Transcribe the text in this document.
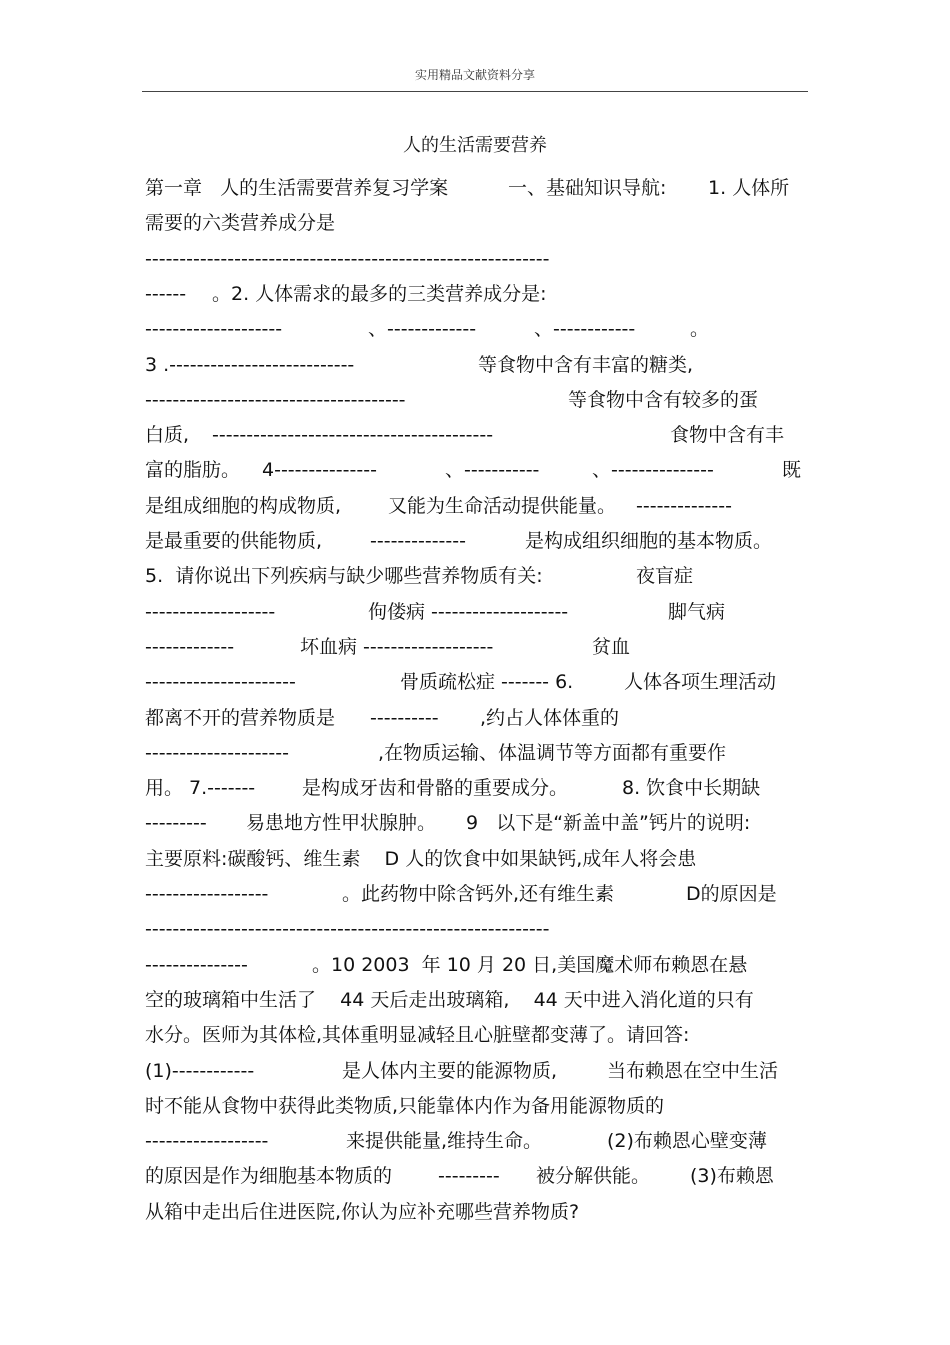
实用精品文献资料分享
人的生活需要营养
第一章   人的生活需要营养复习学案	一、基础知识导航: 1. 人体所
需要的六类营养成分是
-----------------------------------------------------------
------ 。2. 人体需求的最多的三类营养成分是:
--------------------	、-------------	、------------	。
3 .---------------------------	等食物中含有丰富的糖类,
--------------------------------------	等食物中含有较多的蛋
白质, -----------------------------------------	食物中含有丰
富的脂肪。 4---------------	、-----------	、---------------	既
是组成细胞的构成物质, 又能为生命活动提供能量。 --------------
是最重要的供能物质,	--------------	是构成组织细胞的基本物质。
5.  请你说出下列疾病与缺少哪些营养物质有关:	夜盲症
-------------------	佝偻病 --------------------	脚气病
-------------	坏血病 -------------------	贫血
----------------------	骨质疏松症 ------- 6.	人体各项生理活动
都离不开的营养物质是 ---------- ,约占人体体重的
---------------------	,在物质运输、体温调节等方面都有重要作
用。 7.------- 是构成牙齿和骨骼的重要成分。	8. 饮食中长期缺
--------- 易患地方性甲状腺肿。 9   以下是“新盖中盖”钙片的说明:
主要原料:碳酸钙、维生素    D 人的饮食中如果缺钙,成年人将会患
------------------	。此药物中除含钙外,还有维生素	D的原因是
-----------------------------------------------------------
---------------	。10 2003  年 10 月 20 日,美国魔术师布赖恩在悬
空的玻璃箱中生活了    44 天后走出玻璃箱,    44 天中进入消化道的只有
水分。医师为其体检,其体重明显减轻且心脏壁都变薄了。请回答:
(1)------------	是人体内主要的能源物质,	当布赖恩在空中生活
时不能从食物中获得此类物质,只能靠体内作为备用能源物质的
------------------	来提供能量,维持生命。	(2)布赖恩心壁变薄
的原因是作为细胞基本物质的 --------- 被分解供能。 (3)布赖恩
从箱中走出后住进医院,你认为应补充哪些营养物质?
